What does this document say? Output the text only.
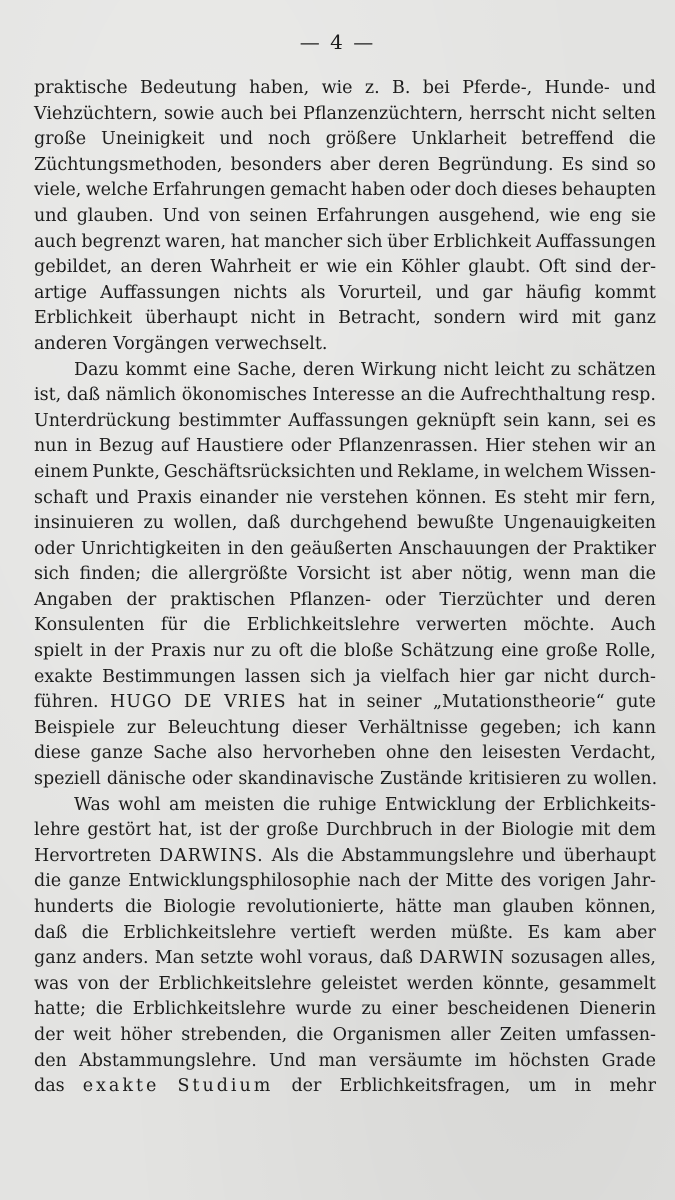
— 4 —
praktische Bedeutung haben, wie z. B. bei Pferde-, Hunde- und
Viehzüchtern, sowie auch bei Pflanzenzüchtern, herrscht nicht selten
große Uneinigkeit und noch größere Unklarheit betreffend die
Züchtungsmethoden, besonders aber deren Begründung. Es sind so
viele, welche Erfahrungen gemacht haben oder doch dieses behaupten
und glauben. Und von seinen Erfahrungen ausgehend, wie eng sie
auch begrenzt waren, hat mancher sich über Erblichkeit Auffassungen
gebildet, an deren Wahrheit er wie ein Köhler glaubt. Oft sind der-
artige Auffassungen nichts als Vorurteil, und gar häufig kommt
Erblichkeit überhaupt nicht in Betracht, sondern wird mit ganz
anderen Vorgängen verwechselt.
Dazu kommt eine Sache, deren Wirkung nicht leicht zu schätzen
ist, daß nämlich ökonomisches Interesse an die Aufrechthaltung resp.
Unterdrückung bestimmter Auffassungen geknüpft sein kann, sei es
nun in Bezug auf Haustiere oder Pflanzenrassen. Hier stehen wir an
einem Punkte, Geschäftsrücksichten und Reklame, in welchem Wissen-
schaft und Praxis einander nie verstehen können. Es steht mir fern,
insinuieren zu wollen, daß durchgehend bewußte Ungenauigkeiten
oder Unrichtigkeiten in den geäußerten Anschauungen der Praktiker
sich finden; die allergrößte Vorsicht ist aber nötig, wenn man die
Angaben der praktischen Pflanzen- oder Tierzüchter und deren
Konsulenten für die Erblichkeitslehre verwerten möchte. Auch
spielt in der Praxis nur zu oft die bloße Schätzung eine große Rolle,
exakte Bestimmungen lassen sich ja vielfach hier gar nicht durch-
führen. HUGO DE VRIES hat in seiner „Mutationstheorie“ gute
Beispiele zur Beleuchtung dieser Verhältnisse gegeben; ich kann
diese ganze Sache also hervorheben ohne den leisesten Verdacht,
speziell dänische oder skandinavische Zustände kritisieren zu wollen.
Was wohl am meisten die ruhige Entwicklung der Erblichkeits-
lehre gestört hat, ist der große Durchbruch in der Biologie mit dem
Hervortreten DARWINS. Als die Abstammungslehre und überhaupt
die ganze Entwicklungsphilosophie nach der Mitte des vorigen Jahr-
hunderts die Biologie revolutionierte, hätte man glauben können,
daß die Erblichkeitslehre vertieft werden müßte. Es kam aber
ganz anders. Man setzte wohl voraus, daß DARWIN sozusagen alles,
was von der Erblichkeitslehre geleistet werden könnte, gesammelt
hatte; die Erblichkeitslehre wurde zu einer bescheidenen Dienerin
der weit höher strebenden, die Organismen aller Zeiten umfassen-
den Abstammungslehre. Und man versäumte im höchsten Grade
das exakte Studium der Erblichkeitsfragen, um in mehr
